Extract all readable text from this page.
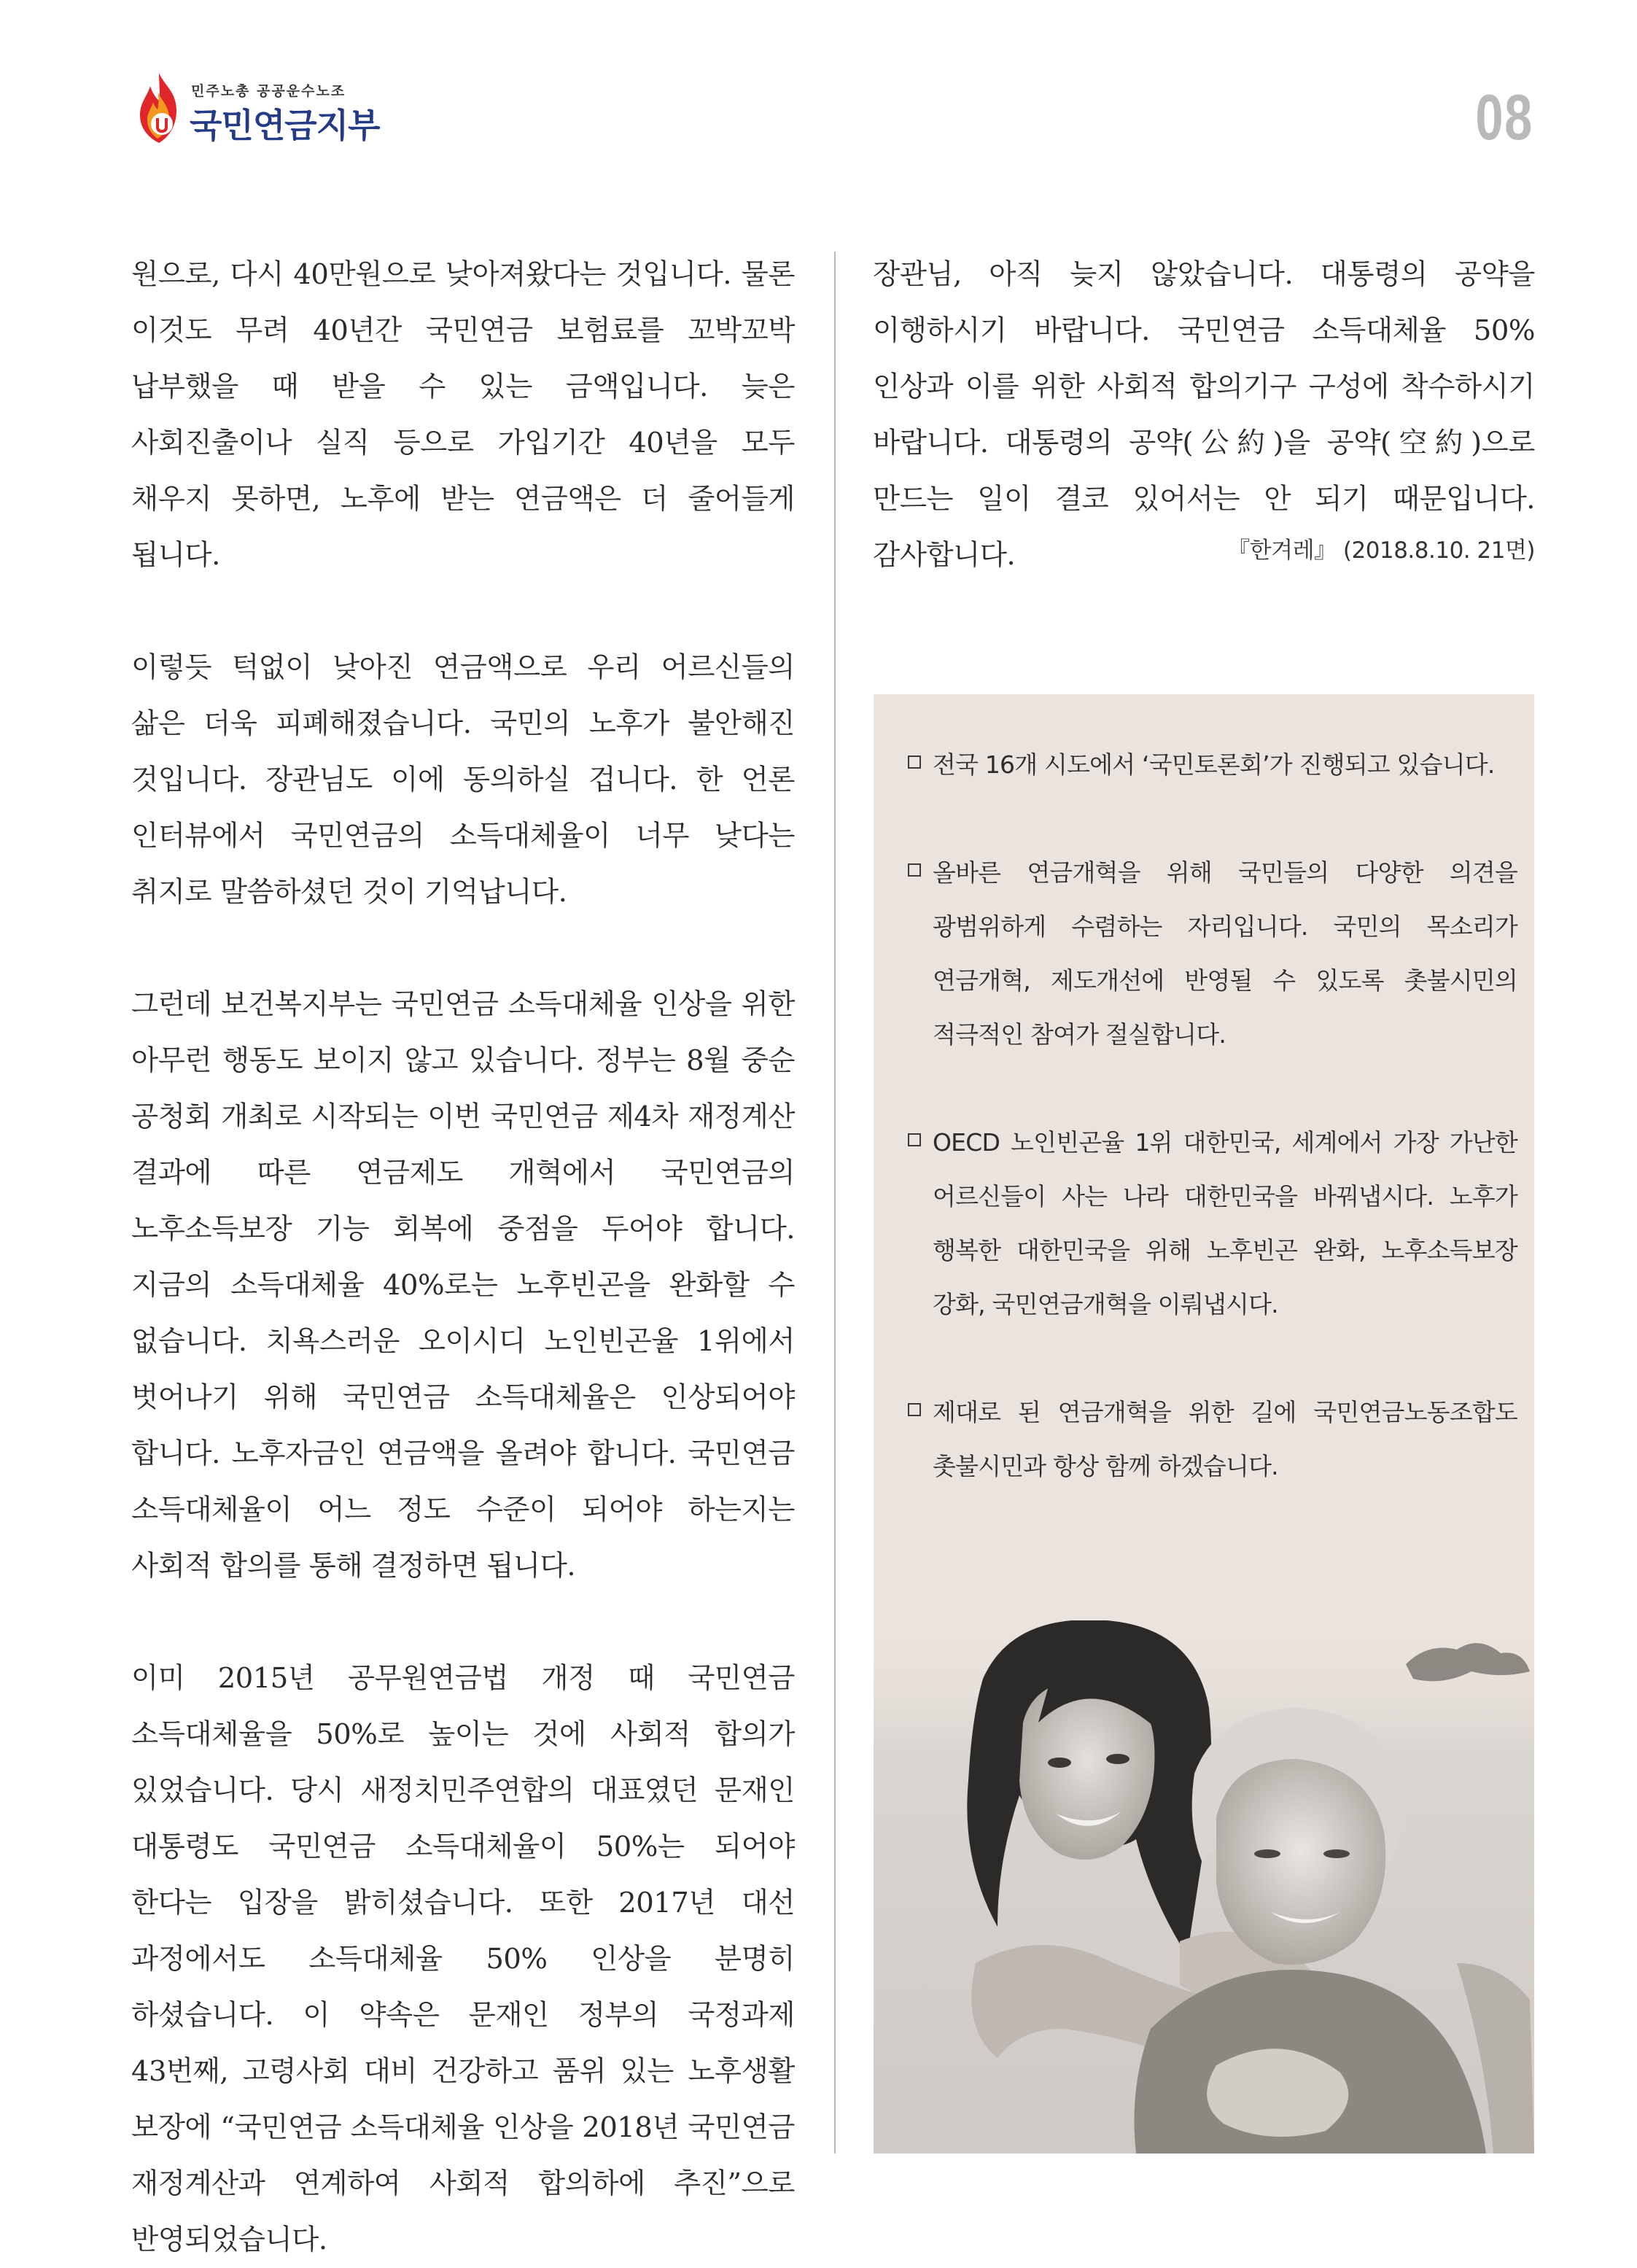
민주노총 공공운수노조
국민연금지부	08

원으로, 다시 40만원으로 낮아져왔다는 것입니다. 물론 이것도 무려 40년간 국민연금 보험료를 꼬박꼬박 납부했을 때 받을 수 있는 금액입니다. 늦은 사회진출이나 실직 등으로 가입기간 40년을 모두 채우지 못하면, 노후에 받는 연금액은 더 줄어들게 됩니다.

이렇듯 턱없이 낮아진 연금액으로 우리 어르신들의 삶은 더욱 피폐해졌습니다. 국민의 노후가 불안해진 것입니다. 장관님도 이에 동의하실 겁니다. 한 언론 인터뷰에서 국민연금의 소득대체율이 너무 낮다는 취지로 말씀하셨던 것이 기억납니다.

그런데 보건복지부는 국민연금 소득대체율 인상을 위한 아무런 행동도 보이지 않고 있습니다. 정부는 8월 중순 공청회 개최로 시작되는 이번 국민연금 제4차 재정계산 결과에 따른 연금제도 개혁에서 국민연금의 노후소득보장 기능 회복에 중점을 두어야 합니다. 지금의 소득대체율 40%로는 노후빈곤을 완화할 수 없습니다. 치욕스러운 오이시디 노인빈곤율 1위에서 벗어나기 위해 국민연금 소득대체율은 인상되어야 합니다. 노후자금인 연금액을 올려야 합니다. 국민연금 소득대체율이 어느 정도 수준이 되어야 하는지는 사회적 합의를 통해 결정하면 됩니다.

이미 2015년 공무원연금법 개정 때 국민연금 소득대체율을 50%로 높이는 것에 사회적 합의가 있었습니다. 당시 새정치민주연합의 대표였던 문재인 대통령도 국민연금 소득대체율이 50%는 되어야 한다는 입장을 밝히셨습니다. 또한 2017년 대선 과정에서도 소득대체율 50% 인상을 분명히 하셨습니다. 이 약속은 문재인 정부의 국정과제 43번째, 고령사회 대비 건강하고 품위 있는 노후생활 보장에 “국민연금 소득대체율 인상을 2018년 국민연금 재정계산과 연계하여 사회적 합의하에 추진”으로 반영되었습니다.

장관님, 아직 늦지 않았습니다. 대통령의 공약을 이행하시기 바랍니다. 국민연금 소득대체율 50% 인상과 이를 위한 사회적 합의기구 구성에 착수하시기 바랍니다. 대통령의 공약(公約)을 공약(空約)으로 만드는 일이 결코 있어서는 안 되기 때문입니다. 감사합니다.	『한겨레』 (2018.8.10. 21면)
전국 16개 시도에서 ‘국민토론회’가 진행되고 있습니다.
올바른 연금개혁을 위해 국민들의 다양한 의견을 광범위하게 수렴하는 자리입니다. 국민의 목소리가 연금개혁, 제도개선에 반영될 수 있도록 촛불시민의 적극적인 참여가 절실합니다.
OECD 노인빈곤율 1위 대한민국, 세계에서 가장 가난한 어르신들이 사는 나라 대한민국을 바꿔냅시다. 노후가 행복한 대한민국을 위해 노후빈곤 완화, 노후소득보장 강화, 국민연금개혁을 이뤄냅시다.
제대로 된 연금개혁을 위한 길에 국민연금노동조합도 촛불시민과 항상 함께 하겠습니다.
